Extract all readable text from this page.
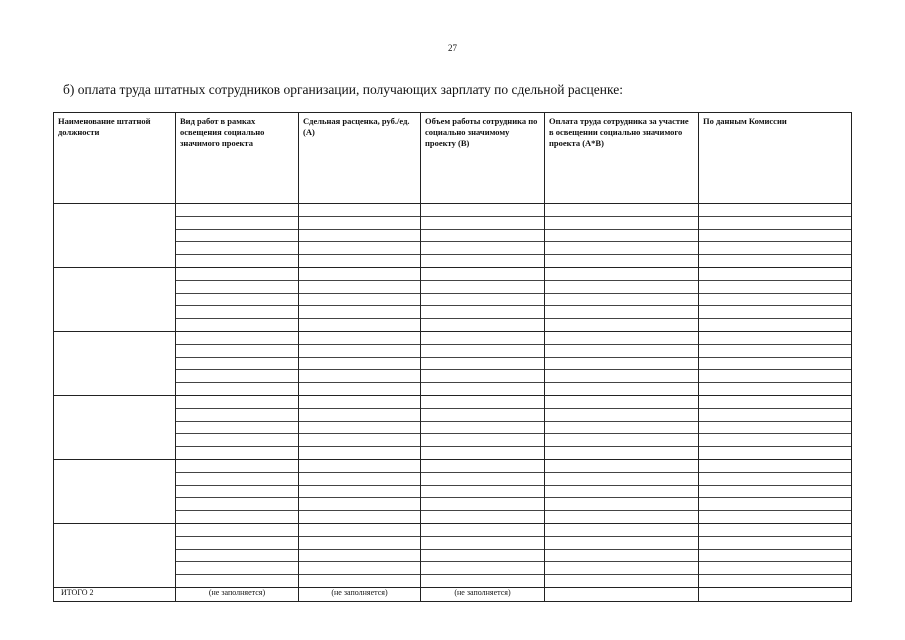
27
б) оплата труда штатных сотрудников организации, получающих зарплату по сдельной расценке:
Наименование штатной должности	Вид работ в рамках освещения социально значимого проекта	Сдельная расценка, руб./ед. (А)	Объем работы сотрудника по социально значимому проекту (В)	Оплата труда сотрудника за участие в освещении социально значимого проекта (А*В)	По данным Комиссии

ИТОГО 2	(не заполняется)	(не заполняется)	(не заполняется)		
